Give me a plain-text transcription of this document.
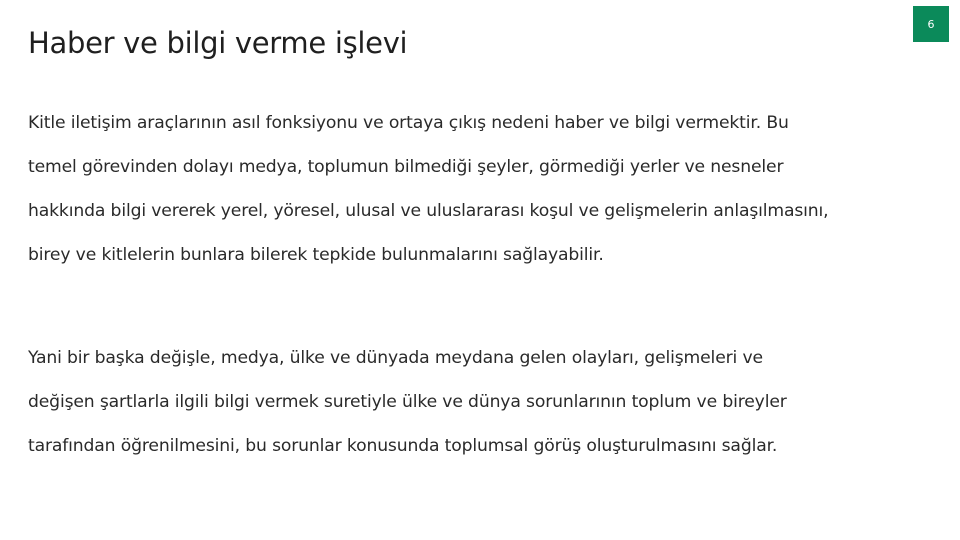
Haber ve bilgi verme işlevi
6
Kitle iletişim araçlarının asıl fonksiyonu ve ortaya çıkış nedeni haber ve bilgi vermektir. Bu
temel görevinden dolayı medya, toplumun bilmediği şeyler, görmediği yerler ve nesneler
hakkında bilgi vererek yerel, yöresel, ulusal ve uluslararası koşul ve gelişmelerin anlaşılmasını,
birey ve kitlelerin bunlara bilerek tepkide bulunmalarını sağlayabilir.
Yani bir başka değişle, medya, ülke ve dünyada meydana gelen olayları, gelişmeleri ve
değişen şartlarla ilgili bilgi vermek suretiyle ülke ve dünya sorunlarının toplum ve bireyler
tarafından öğrenilmesini, bu sorunlar konusunda toplumsal görüş oluşturulmasını sağlar.
